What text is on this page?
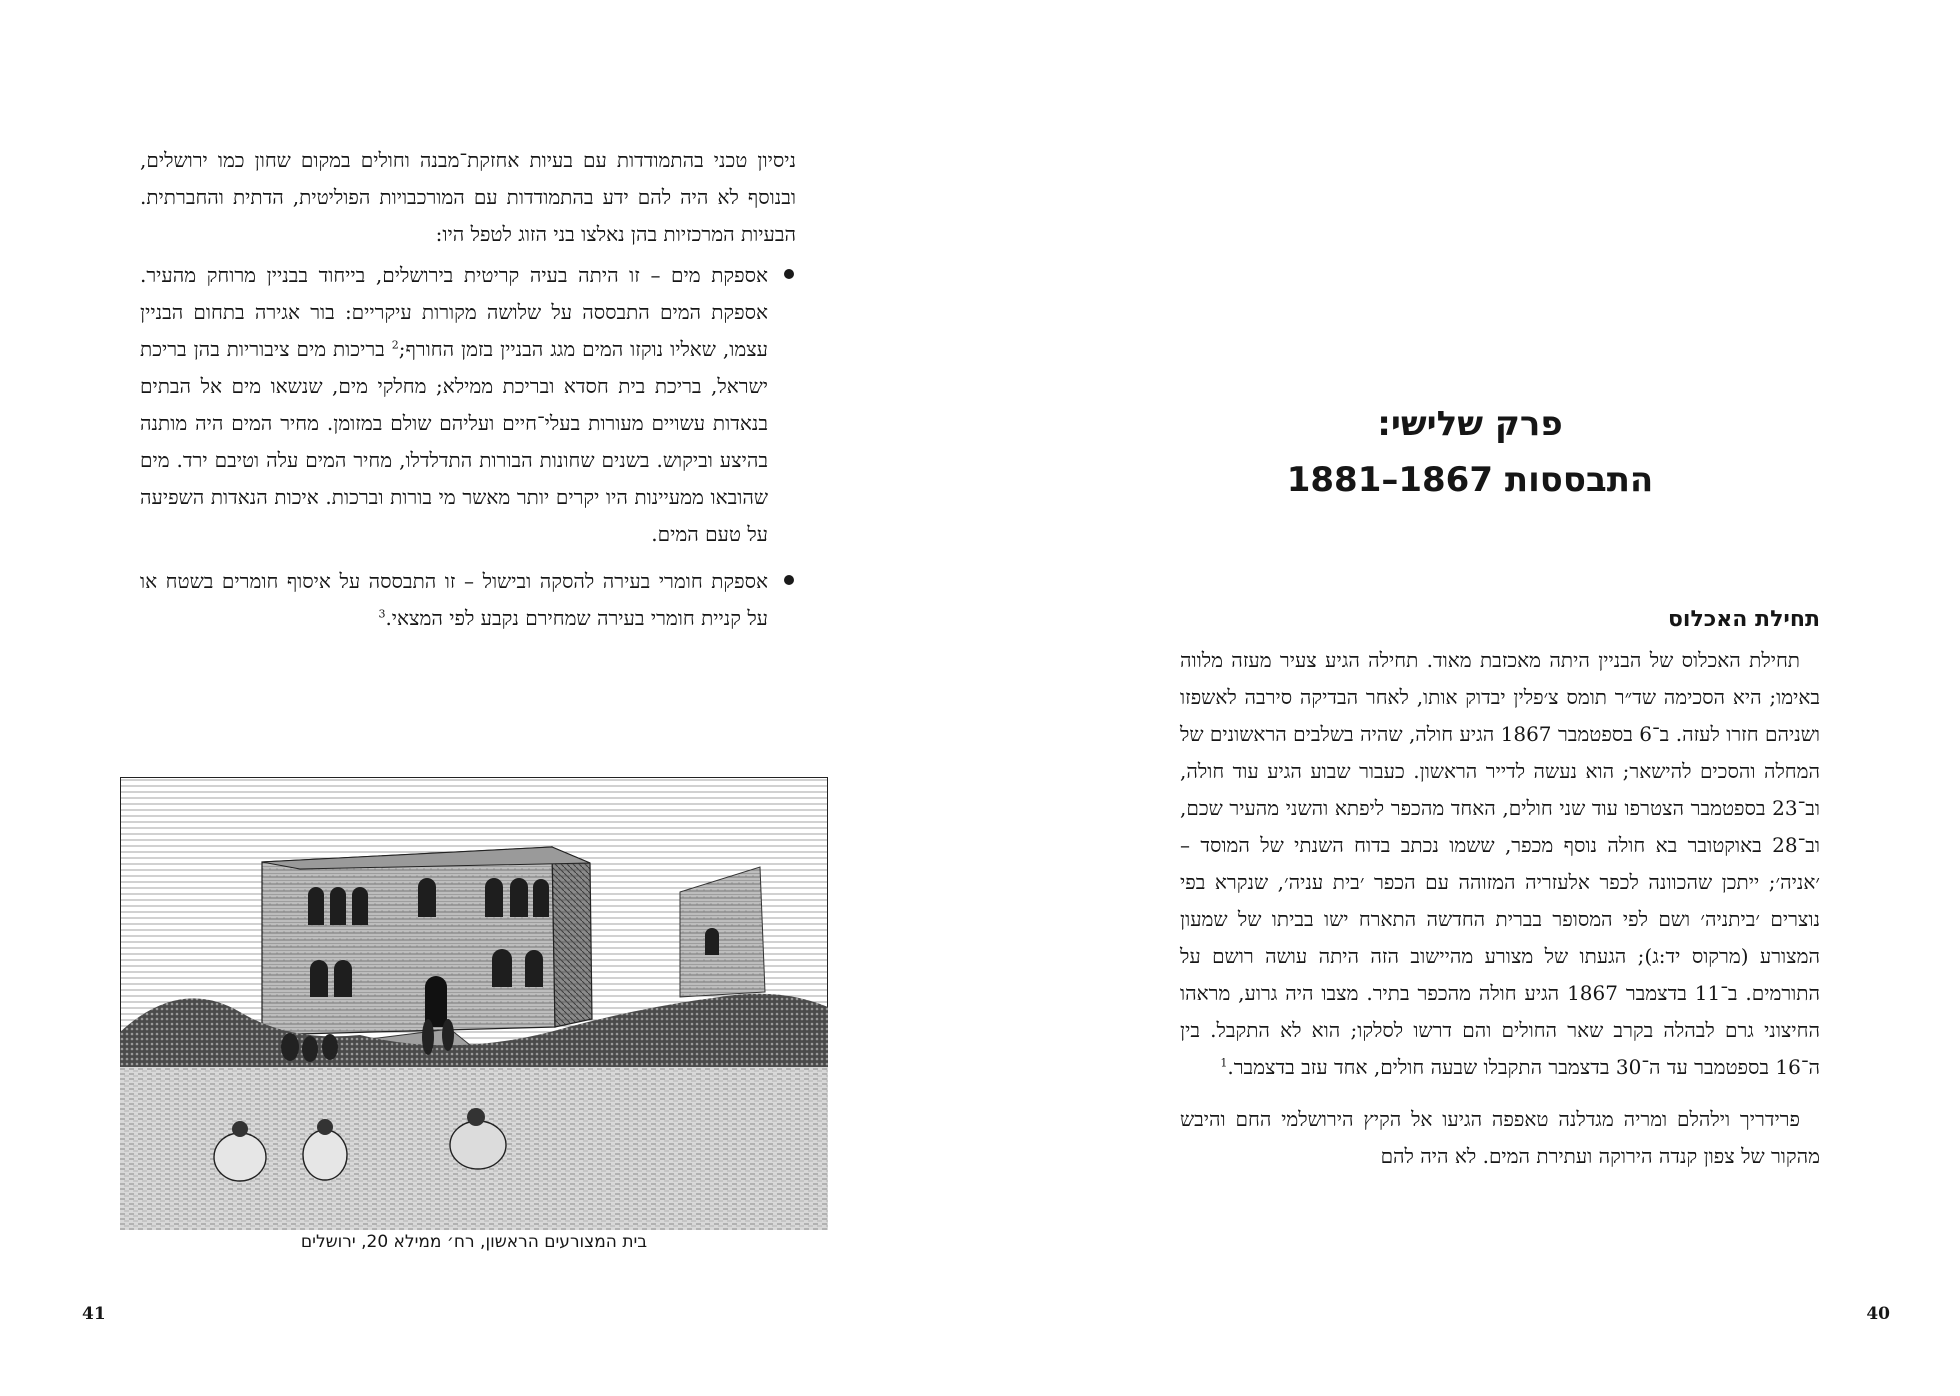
ניסיון טכני בהתמודדות עם בעיות אחזקת־מבנה וחולים במקום שחון כמו ירושלים, ובנוסף לא היה להם ידע בהתמודדות עם המורכבויות הפוליטית, הדתית והחברתית. הבעיות המרכזיות בהן נאלצו בני הזוג לטפל היו:

אספקת מים – זו היתה בעיה קריטית בירושלים, בייחוד בבניין מרוחק מהעיר. אספקת המים התבססה על שלושה מקורות עיקריים: בור אגירה בתחום הבניין עצמו, שאליו נוקזו המים מגג הבניין בזמן החורף;$^2$ בריכות מים ציבוריות בהן בריכת ישראל, בריכת בית חסדא ובריכת ממילא; מחלקי מים, שנשאו מים אל הבתים בנאדות עשויים מעורות בעלי־חיים ועליהם שולם במזומן. מחיר המים היה מותנה בהיצע וביקוש. בשנים שחונות הבורות התדלדלו, מחיר המים עלה וטיבם ירד. מים שהובאו ממעיינות היו יקרים יותר מאשר מי בורות וברכות. איכות הנאדות השפיעה על טעם המים.

אספקת חומרי בעירה להסקה ובישול – זו התבססה על איסוף חומרים בשטח או על קניית חומרי בעירה שמחירם נקבע לפי המצאי.$^3$

בית המצורעים הראשון, רח׳ ממילא 20, ירושלים
41
פרק שלישי:
התבססות 1867–1881
תחילת האכלוס

תחילת האכלוס של הבניין היתה מאכזבת מאוד. תחילה הגיע צעיר מעזה מלווה באימו; היא הסכימה שד״ר תומס צ׳פלין יבדוק אותו, לאחר הבדיקה סירבה לאשפזו ושניהם חזרו לעזה. ב־6 בספטמבר 1867 הגיע חולה, שהיה בשלבים הראשונים של המחלה והסכים להישאר; הוא נעשה לדייר הראשון. כעבור שבוע הגיע עוד חולה, וב־23 בספטמבר הצטרפו עוד שני חולים, האחד מהכפר ליפתא והשני מהעיר שכם, וב־28 באוקטובר בא חולה נוסף מכפר, ששמו נכתב בדוח השנתי של המוסד – ׳אניה׳; ייתכן שהכוונה לכפר אלעזריה המזוהה עם הכפר ׳בית עניה׳, שנקרא בפי נוצרים ׳ביתניה׳ ושם לפי המסופר בברית החדשה התארח ישו בביתו של שמעון המצורע (מרקוס יד:ג); הגעתו של מצורע מהיישוב הזה היתה עושה רושם על התורמים. ב־11 בדצמבר 1867 הגיע חולה מהכפר בתיר. מצבו היה גרוע, מראהו החיצוני גרם לבהלה בקרב שאר החולים והם דרשו לסלקו; הוא לא התקבל. בין ה־16 בספטמבר עד ה־30 בדצמבר התקבלו שבעה חולים, אחד עזב בדצמבר.$^1$

פרידריך וילהלם ומריה מגדלנה טאפפה הגיעו אל הקיץ הירושלמי החם והיבש מהקור של צפון קנדה הירוקה ועתירת המים. לא היה להם

40
